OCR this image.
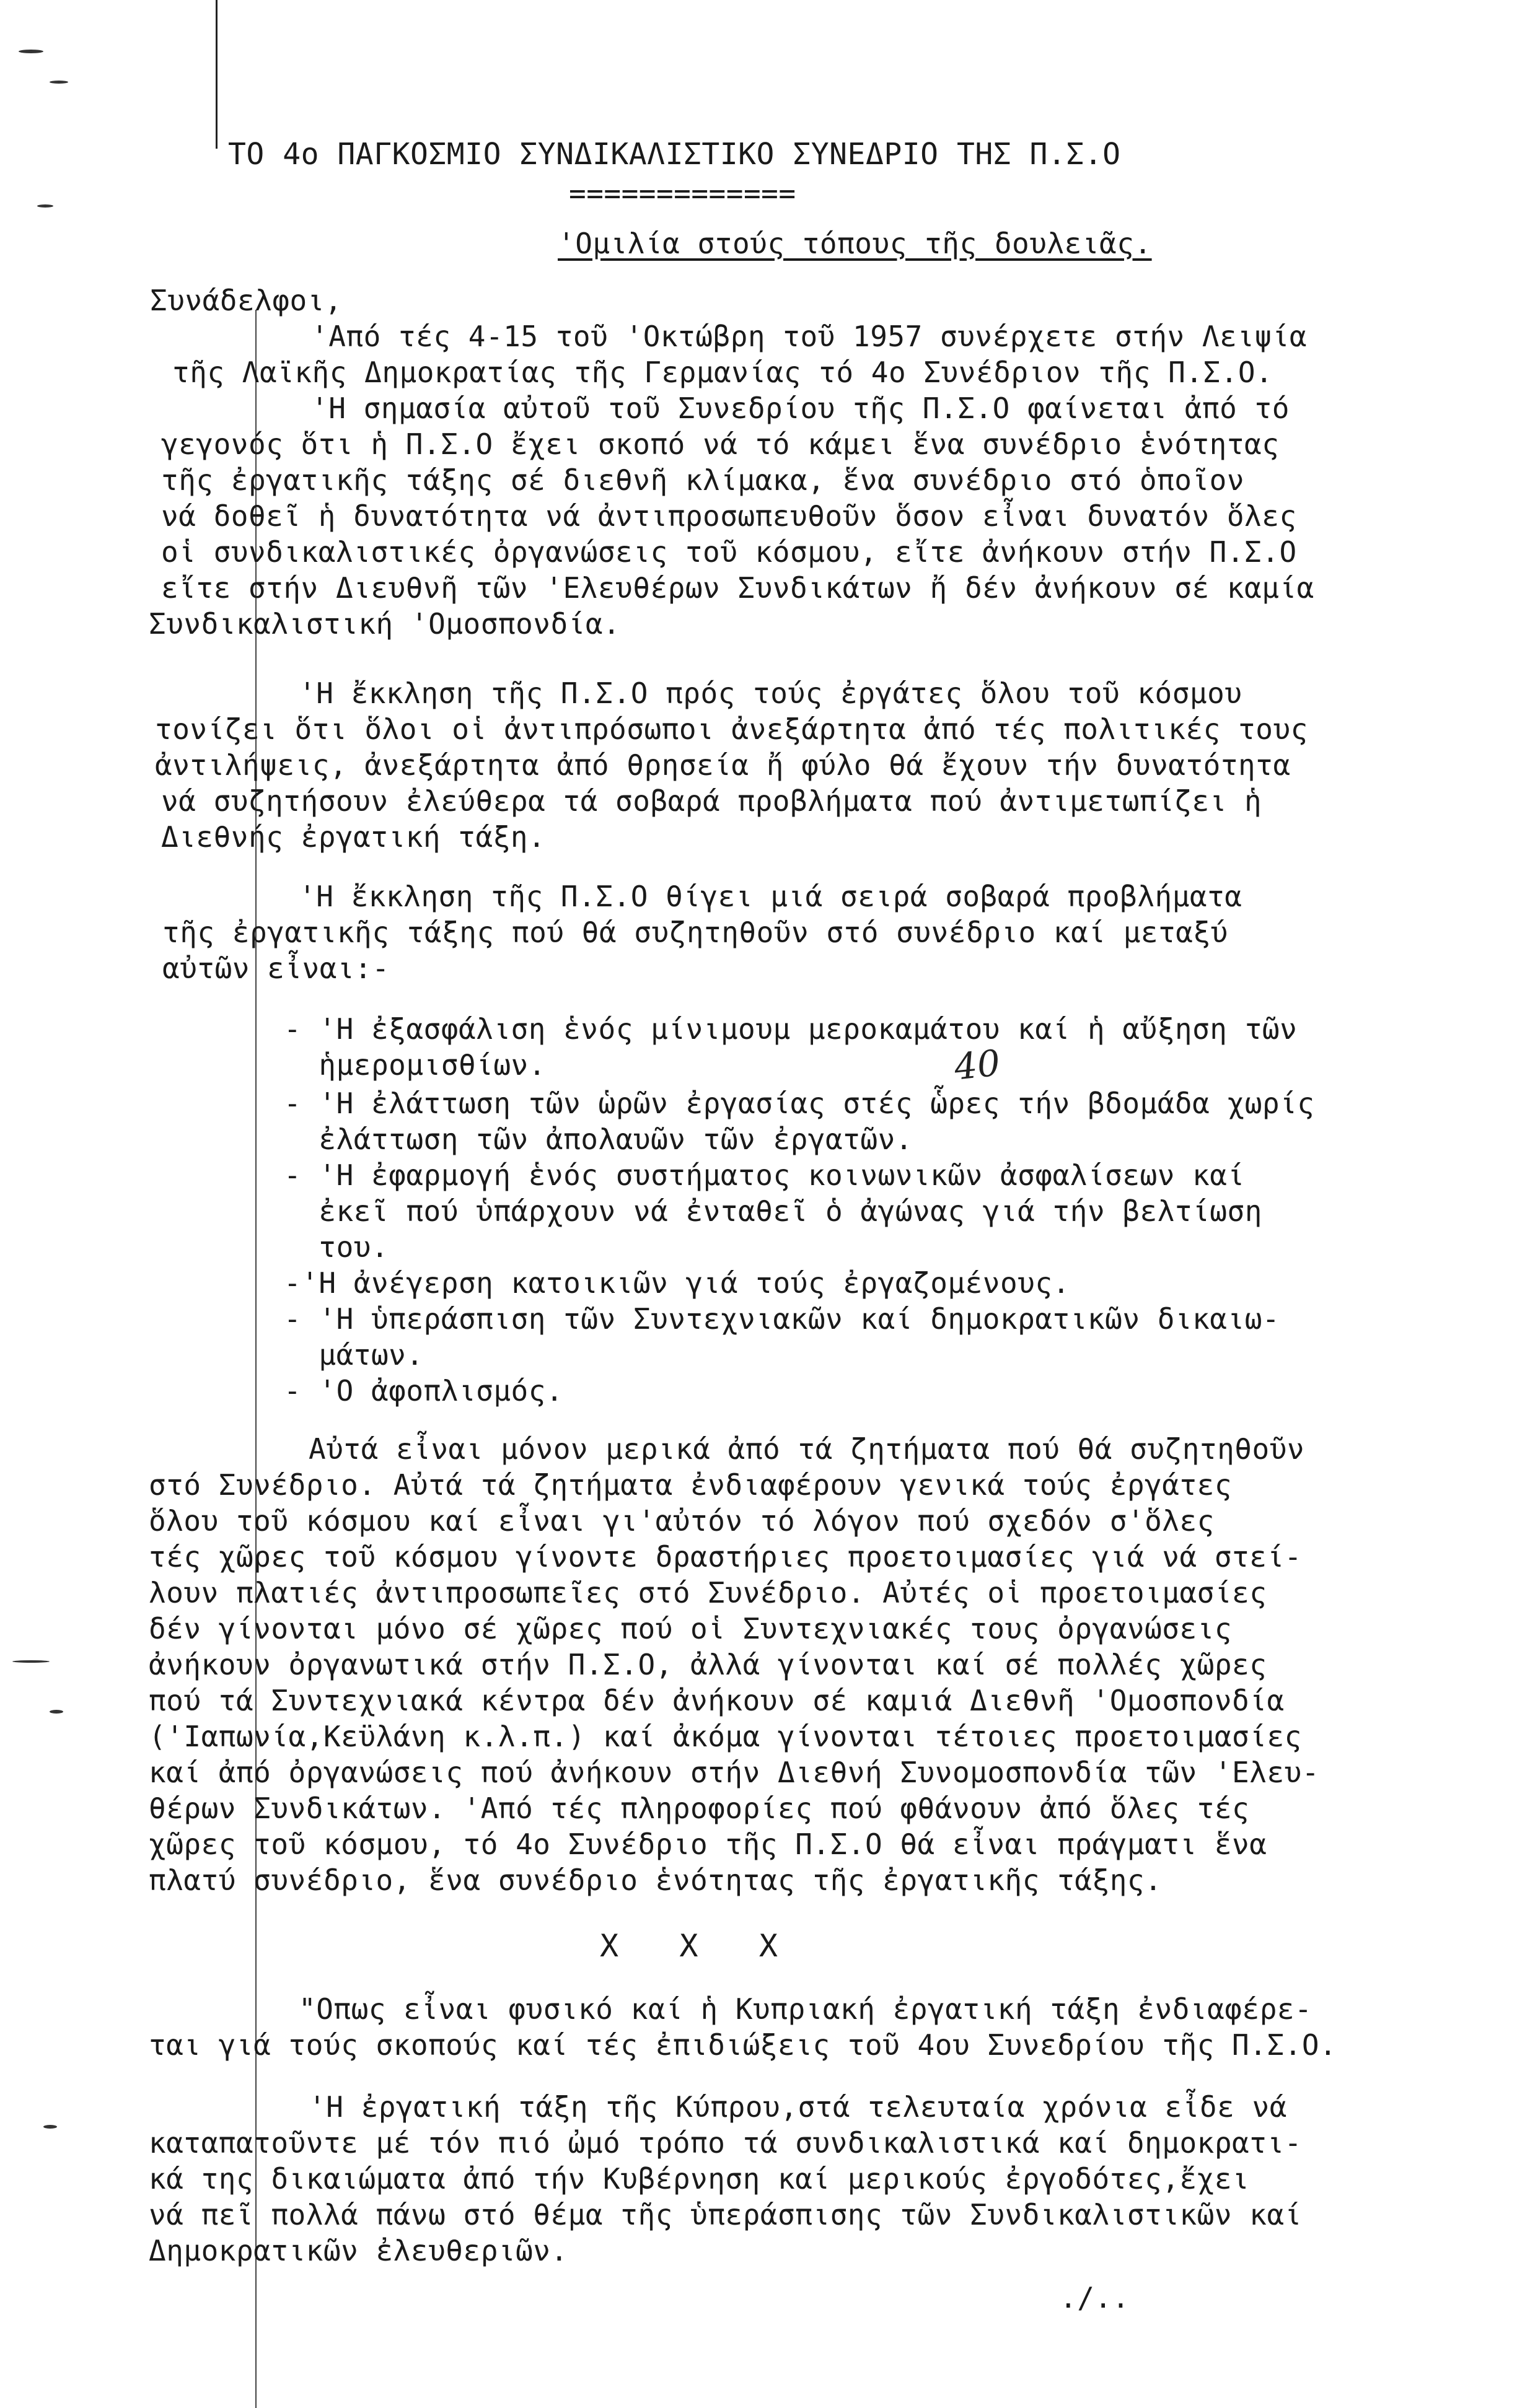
ΤΟ 4ο ΠΑΓΚΟΣΜΙΟ ΣΥΝΔΙΚΑΛΙΣΤΙΚΟ ΣΥΝΕΔΡΙΟ ΤΗΣ Π.Σ.Ο
=============
'Ομιλία στούς τόπους τῆς δουλειᾶς.
Συνάδελφοι,
'Από τές 4-15 τοῦ 'Οκτώβρη τοῦ 1957 συνέρχετε στήν Λειψία
τῆς Λαϊκῆς Δημοκρατίας τῆς Γερμανίας τό 4ο Συνέδριον τῆς Π.Σ.Ο.
'Η σημασία αὐτοῦ τοῦ Συνεδρίου τῆς Π.Σ.Ο φαίνεται ἀπό τό
γεγονός ὅτι ἡ Π.Σ.Ο ἔχει σκοπό νά τό κάμει ἕνα συνέδριο ἑνότητας
τῆς ἐργατικῆς τάξης σέ διεθνῆ κλίμακα, ἕνα συνέδριο στό ὁποῖον
νά δοθεῖ ἡ δυνατότητα νά ἀντιπροσωπευθοῦν ὅσον εἶναι δυνατόν ὅλες
οἱ συνδικαλιστικές ὀργανώσεις τοῦ κόσμου, εἴτε ἀνήκουν στήν Π.Σ.Ο
εἴτε στήν Διευθνῆ τῶν 'Ελευθέρων Συνδικάτων ἤ δέν ἀνήκουν σέ καμία
Συνδικαλιστική 'Ομοσπονδία.
'Η ἔκκληση τῆς Π.Σ.Ο πρός τούς ἐργάτες ὅλου τοῦ κόσμου
τονίζει ὅτι ὅλοι οἱ ἀντιπρόσωποι ἀνεξάρτητα ἀπό τές πολιτικές τους
ἀντιλήψεις, ἀνεξάρτητα ἀπό θρησεία ἤ φύλο θά ἔχουν τήν δυνατότητα
νά συζητήσουν ἐλεύθερα τά σοβαρά προβλήματα πού ἀντιμετωπίζει ἡ
Διεθνής ἐργατική τάξη.
'Η ἔκκληση τῆς Π.Σ.Ο θίγει μιά σειρά σοβαρά προβλήματα
τῆς ἐργατικῆς τάξης πού θά συζητηθοῦν στό συνέδριο καί μεταξύ
αὐτῶν εἶναι:-
- 'Η ἐξασφάλιση ἑνός μίνιμουμ μεροκαμάτου καί ἡ αὔξηση τῶν
ἡμερομισθίων.	40
- 'Η ἐλάττωση τῶν ὡρῶν ἐργασίας στές ὧρες τήν βδομάδα χωρίς
ἐλάττωση τῶν ἀπολαυῶν τῶν ἐργατῶν.
- 'Η ἐφαρμογή ἑνός συστήματος κοινωνικῶν ἀσφαλίσεων καί
ἐκεῖ πού ὑπάρχουν νά ἐνταθεῖ ὁ ἀγώνας γιά τήν βελτίωση
του.
-'Η ἀνέγερση κατοικιῶν γιά τούς ἐργαζομένους.
- 'Η ὑπεράσπιση τῶν Συντεχνιακῶν καί δημοκρατικῶν δικαιω-
μάτων.
- 'Ο ἀφοπλισμός.
Αὐτά εἶναι μόνον μερικά ἀπό τά ζητήματα πού θά συζητηθοῦν
στό Συνέδριο. Αὐτά τά ζητήματα ἐνδιαφέρουν γενικά τούς ἐργάτες
ὅλου τοῦ κόσμου καί εἶναι γι'αὐτόν τό λόγον πού σχεδόν σ'ὅλες
τές χῶρες τοῦ κόσμου γίνοντε δραστήριες προετοιμασίες γιά νά στεί-
λουν πλατιές ἀντιπροσωπεῖες στό Συνέδριο. Αὐτές οἱ προετοιμασίες
δέν γίνονται μόνο σέ χῶρες πού οἱ Συντεχνιακές τους ὀργανώσεις
ἀνήκουν ὀργανωτικά στήν Π.Σ.Ο, ἀλλά γίνονται καί σέ πολλές χῶρες
πού τά Συντεχνιακά κέντρα δέν ἀνήκουν σέ καμιά Διεθνῆ 'Ομοσπονδία
('Ιαπωνία,Κεϋλάνη κ.λ.π.) καί ἀκόμα γίνονται τέτοιες προετοιμασίες
καί ἀπό ὀργανώσεις πού ἀνήκουν στήν Διεθνή Συνομοσπονδία τῶν 'Ελευ-
θέρων Συνδικάτων. 'Από τές πληροφορίες πού φθάνουν ἀπό ὅλες τές
χῶρες τοῦ κόσμου, τό 4ο Συνέδριο τῆς Π.Σ.Ο θά εἶναι πράγματι ἕνα
πλατύ συνέδριο, ἕνα συνέδριο ἑνότητας τῆς ἐργατικῆς τάξης.
X   X   X
"Οπως εἶναι φυσικό καί ἡ Κυπριακή ἐργατική τάξη ἐνδιαφέρε-
ται γιά τούς σκοπούς καί τές ἐπιδιώξεις τοῦ 4ου Συνεδρίου τῆς Π.Σ.Ο.
'Η ἐργατική τάξη τῆς Κύπρου,στά τελευταία χρόνια εἶδε νά
καταπατοῦντε μέ τόν πιό ὠμό τρόπο τά συνδικαλιστικά καί δημοκρατι-
κά της δικαιώματα ἀπό τήν Κυβέρνηση καί μερικούς ἐργοδότες,ἔχει
νά πεῖ πολλά πάνω στό θέμα τῆς ὑπεράσπισης τῶν Συνδικαλιστικῶν καί
Δημοκρατικῶν ἐλευθεριῶν.
./..
